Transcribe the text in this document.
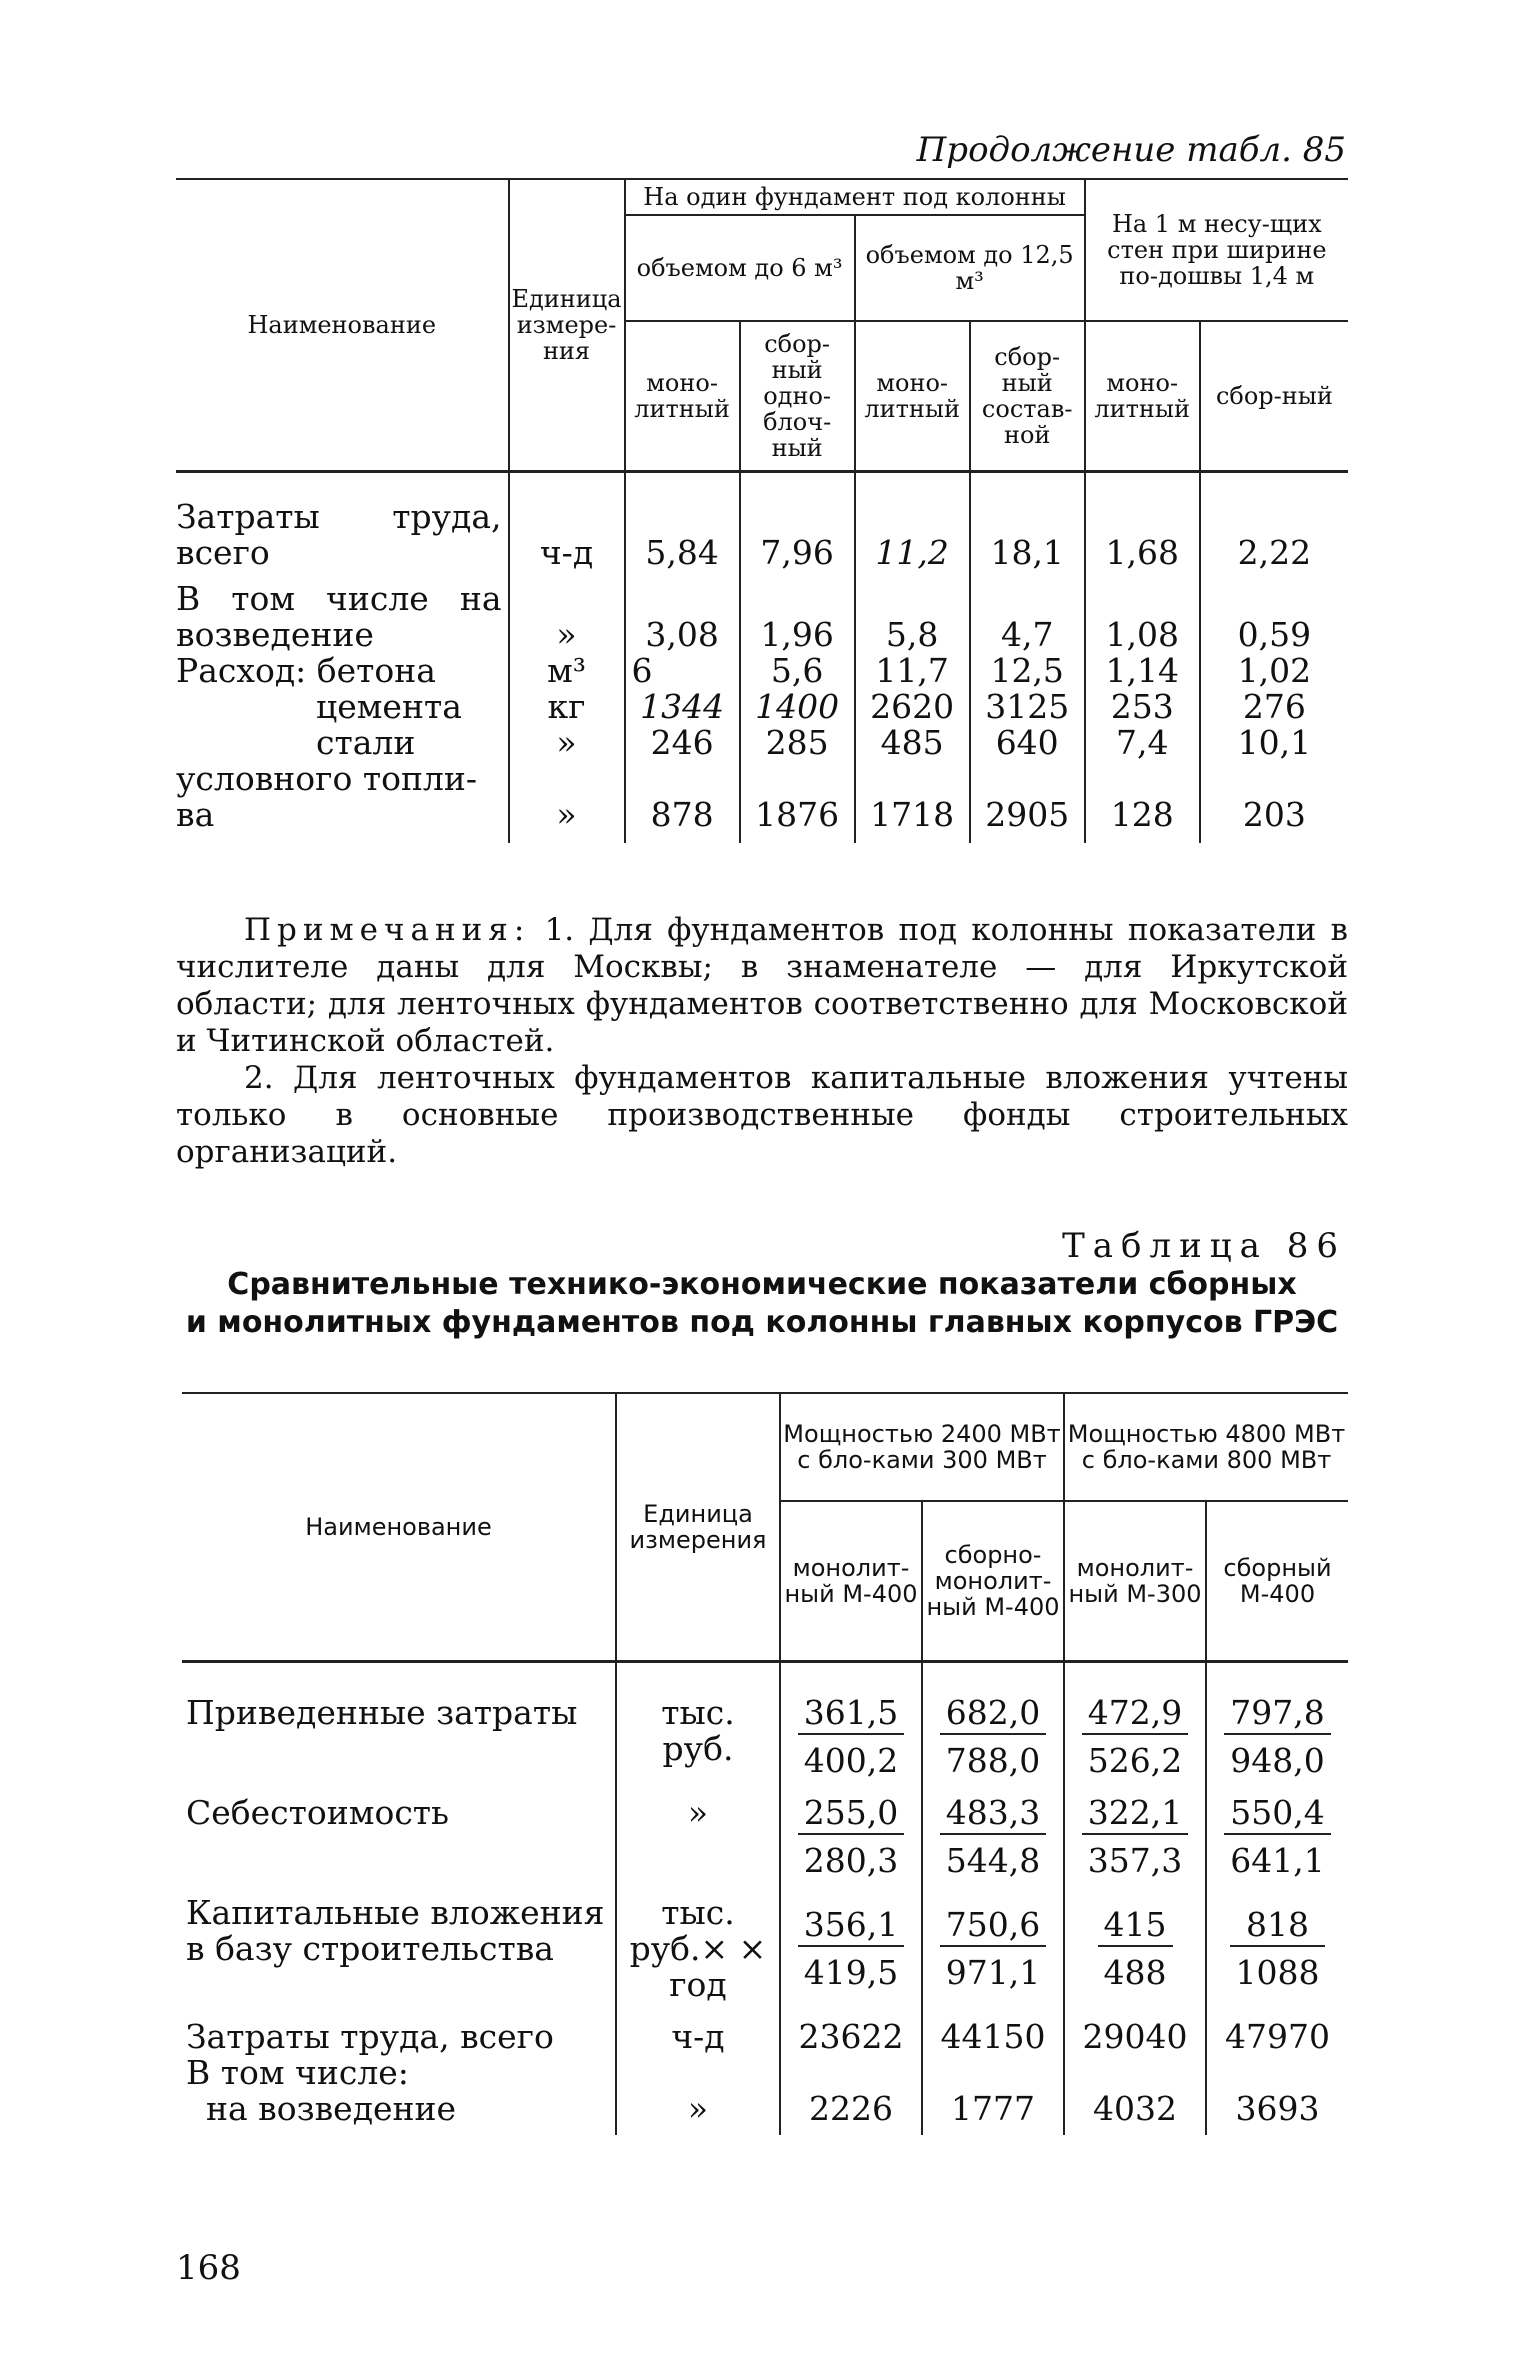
Продолжение табл. 85
Наименование	Единица измере-ния	На один фундамент под колонны				На 1 м несу-щих стен при ширине по-дошвы 1,4 м	
		объемом до 6 м³		объемом до 12,5 м³			
		моно-литный	сбор-ный одно-блоч-ный	моно-литный	сбор-ный состав-ной	моно-литный	сбор-ный
Затраты труда,							
всего	ч-д	5,84	7,96	11,2	18,1	1,68	2,22
В том числе на							
возведение	»	3,08	1,96	5,8	4,7	1,08	0,59
Расход: бетона	м³	6	5,6	11,7	12,5	1,14	1,02
цемента	кг	1344	1400	2620	3125	253	276
стали	»	246	285	485	640	7,4	10,1
условного топли-							
ва	»	878	1876	1718	2905	128	203

Примечания: 1. Для фундаментов под колонны показатели в числителе даны для Москвы; в знаменателе — для Иркутской области; для ленточных фундаментов соответственно для Московской и Читинской областей.

2. Для ленточных фундаментов капитальные вложения учтены только в основные производственные фонды строительных организаций.

Таблица 86
Сравнительные технико-экономические показатели сборных
и монолитных фундаментов под колонны главных корпусов ГРЭС
Наименование	Единица измерения	Мощностью 2400 МВт с бло-ками 300 МВт		Мощностью 4800 МВт с бло-ками 800 МВт	
		монолит-ный М-400	сборно-монолит-ный М-400	монолит-ный М-300	сборный М-400
Приведенные затраты	тыс. руб.	$\frac{361,5}{400,2}$	$\frac{682,0}{788,0}$	$\frac{472,9}{526,2}$	$\frac{797,8}{948,0}$

Себестоимость	»	$\frac{255,0}{280,3}$	$\frac{483,3}{544,8}$	$\frac{322,1}{357,3}$	$\frac{550,4}{641,1}$

Капитальные вложения в базу строительства	тыс. руб.× × год	$\frac{356,1}{419,5}$	$\frac{750,6}{971,1}$	$\frac{415}{488}$	$\frac{818}{1088}$

Затраты труда, всего	ч-д	23622	44150	29040	47970
В том числе:					
на возведение	»	2226	1777	4032	3693
168
